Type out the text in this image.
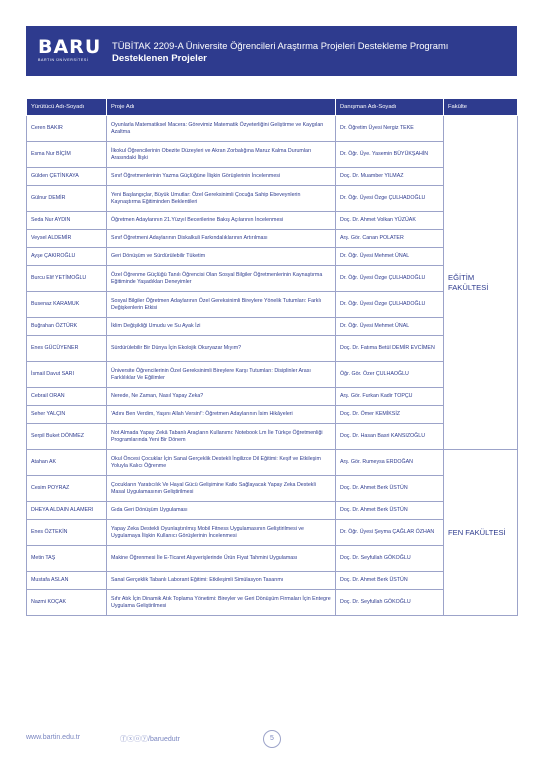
BARU
BARTIN ÜNİVERSİTESİ
TÜBİTAK 2209-A Üniversite Öğrencileri Araştırma Projeleri Destekleme Programı
Desteklenen Projeler
Yürütücü Adı-Soyadı	Proje Adı	Danışman Adı-Soyadı	Fakülte
Ceren BAKIR	Oyunlarla Matematiksel Macera: Görevimiz Matematik Özyeterliğini Geliştirme ve Kaygıları Azaltma	Dr. Öğretim Üyesi Nergiz TEKE	EĞİTİM FAKÜLTESİ

Esma Nur BİÇİM	İlkokul Öğrencilerinin Obezite Düzeyleri ve Akran Zorbalığına Maruz Kalma Durumları Arasındaki İlişki	Dr. Öğr. Üye. Yasemin BÜYÜKŞAHİN	
Gülden ÇETİNKAYA	Sınıf Öğretmenlerinin Yazma Güçlüğüne İlişkin Görüşlerinin İncelenmesi	Doç. Dr. Muamber YILMAZ	
Gülnur DEMİR	Yeni Başlangıçlar, Büyük Umutlar: Özel Gereksinimli Çocuğa Sahip Ebeveynlerin Kaynaştırma Eğitiminden Beklentileri	Dr. Öğr. Üyesi Özge ÇULHADOĞLU	
Seda Nur AYDIN	Öğretmen Adaylarının 21.Yüzyıl Becerilerine Bakış Açılarının İncelenmesi	Doç. Dr. Ahmet Volkan YÜZÜAK	
Veysel ALDEMİR	Sınıf Öğretmeni Adaylarının Diskalkuli Farkındalıklarının Artırılması	Arş. Gör. Canan POLATER	
Ayşe ÇAKIROĞLU	Geri Dönüşüm ve Sürdürülebilir Tüketim	Dr. Öğr. Üyesi Mehmet ÜNAL	
Burcu Elif YETİMOĞLU	Özel Öğrenme Güçlüğü Tanılı Öğrencisi Olan Sosyal Bilgiler Öğretmenlerinin Kaynaştırma Eğitiminde Yaşadıkları Deneyimler	Dr. Öğr. Üyesi Özge ÇULHADOĞLU	
Busenaz KARAMUK	Sosyal Bilgiler Öğretmen Adaylarının Özel Gereksinimli Bireylere Yönelik Tutumları: Farklı Değişkenlerin Etkisi	Dr. Öğr. Üyesi Özge ÇULHADOĞLU	
Buğrahan ÖZTÜRK	İklim Değişikliği Umudu ve Su Ayak İzi	Dr. Öğr. Üyesi Mehmet ÜNAL	
Enes GÜCÜYENER	Sürdürülebilir Bir Dünya İçin Ekolojik Okuryazar Mıyım?	Doç. Dr. Fatıma Betül DEMİR EVCİMEN	
İsmail Davut SARI	Üniversite Öğrencilerinin Özel Gereksinimli Bireylere Karşı Tutumları: Disiplinler Arası Farklılıklar Ve Eğilimler	Öğr. Gör. Özer ÇULHAOĞLU	
Cebrail ORAN	Nerede, Ne Zaman, Nasıl Yapay Zeka?	Arş. Gör. Furkan Kadir TOPÇU	
Seher YALÇIN	'Adını Ben Verdim, Yaşını Allah Versin!': Öğretmen Adaylarının İsim Hikâyeleri	Doç. Dr. Ömer KEMİKSİZ	
Serpil Buket DÖNMEZ	Not Almada Yapay Zekâ Tabanlı Araçların Kullanımı: Notebook Lm İle Türkçe Öğretmenliği Programlarında Yeni Bir Dönem	Doç. Dr. Hasan Basri KANSIZOĞLU	
Atahan AK	Okul Öncesi Çocuklar İçin Sanal Gerçeklik Destekli İngilizce Dil Eğitimi: Keşif ve Etkileşim Yoluyla Kalıcı Öğrenme	Arş. Gör. Rumeysa ERDOĞAN	FEN FAKÜLTESİ

Cesim POYRAZ	Çocukların Yaratıcılık Ve Hayal Gücü Gelişimine Katkı Sağlayacak Yapay Zeka Destekli Masal Uygulamasının Geliştirilmesi	Doç. Dr. Ahmet Berk ÜSTÜN	
DHEYA ALDAIN ALAMERI	Gıda Geri Dönüşüm Uygulaması	Doç. Dr. Ahmet Berk ÜSTÜN	
Enes ÖZTEKİN	Yapay Zeka Destekli Oyunlaştırılmış Mobil Fitness Uygulamasının Geliştirilmesi ve Uygulamaya İlişkin Kullanıcı Görüşlerinin İncelenmesi	Dr. Öğr. Üyesi Şeyma ÇAĞLAR ÖZHAN	
Metin TAŞ	Makine Öğrenmesi İle E-Ticaret Alışverişlerinde Ürün Fiyat Tahmini Uygulaması	Doç. Dr. Seyfullah GÖKOĞLU	
Mustafa ASLAN	Sanal Gerçeklik Tabanlı Laborant Eğitimi: Etkileşimli Simülasyon Tasarımı	Doç. Dr. Ahmet Berk ÜSTÜN	
Nazmi KOÇAK	Sıfır Atık İçin Dinamik Atık Toplama Yönetimi: Bireyler ve Geri Dönüşüm Firmaları İçin Entegre Uygulama Geliştirilmesi	Doç. Dr. Seyfullah GÖKOĞLU	
www.bartin.edu.tr	ⓕⓧⓞⓨ/baruedutr	5
